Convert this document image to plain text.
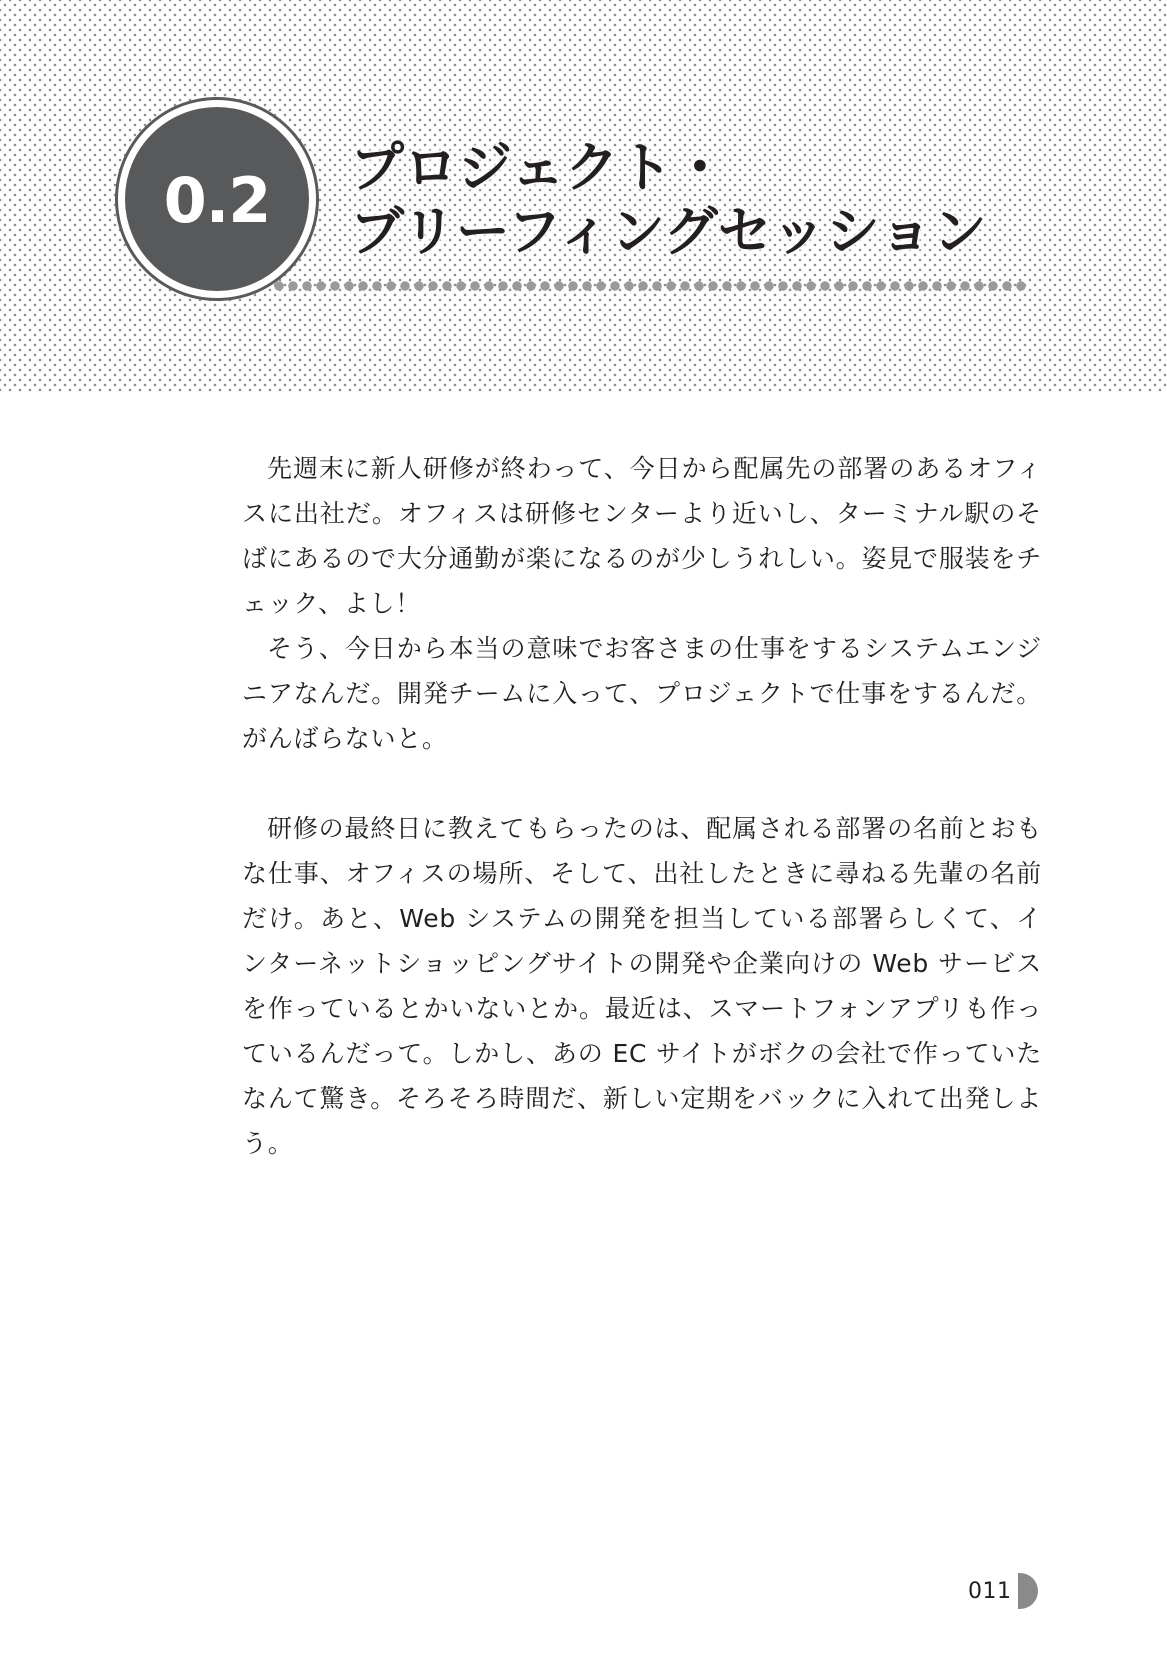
0.2 プロジェクト・
ブリーフィングセッション

先週末に新人研修が終わって、今日から配属先の部署のあるオフィスに出社だ。オフィスは研修センターより近いし、ターミナル駅のそばにあるので大分通勤が楽になるのが少しうれしい。姿見で服装をチェック、よし！

そう、今日から本当の意味でお客さまの仕事をするシステムエンジニアなんだ。開発チームに入って、プロジェクトで仕事をするんだ。がんばらないと。

研修の最終日に教えてもらったのは、配属される部署の名前とおもな仕事、オフィスの場所、そして、出社したときに尋ねる先輩の名前だけ。あと、Web システムの開発を担当している部署らしくて、インターネットショッピングサイトの開発や企業向けの Web サービスを作っているとかいないとか。最近は、スマートフォンアプリも作っているんだって。しかし、あの EC サイトがボクの会社で作っていたなんて驚き。そろそろ時間だ、新しい定期をバックに入れて出発しよう。

011
